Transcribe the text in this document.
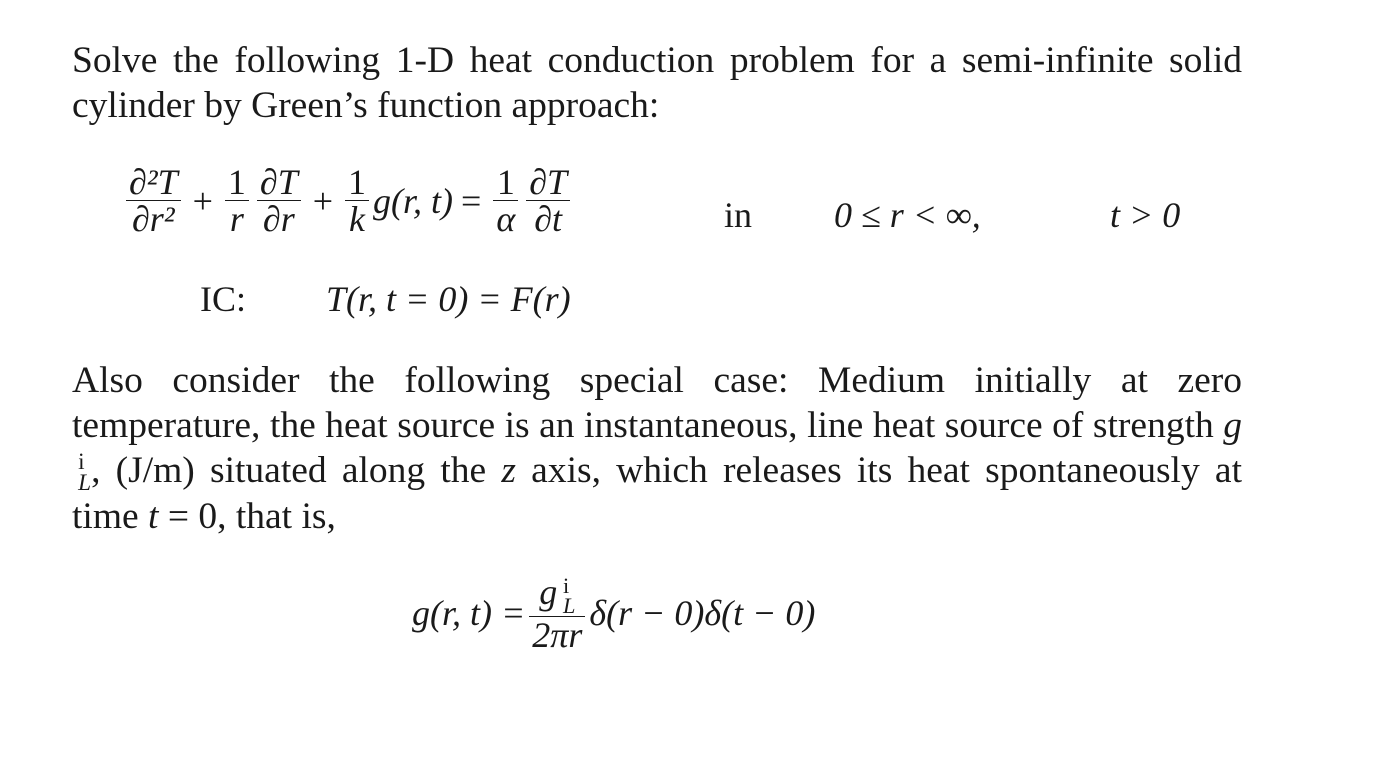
Solve the following 1-D heat conduction problem for a semi-infinite solid cylinder by Green’s function approach:

$\frac{\text{∂²T}}{\text{∂r²}} + \frac{1}{r} \frac{\partial T}{\partial r} + \frac{1}{k} g(r$, $t) = \frac{1}{\alpha} \frac{\partial T}{\partial t}$	in 0 ≤ r < ∞,	t > 0
IC: T(r, t = 0) = F(r)

Also consider the following special case: Medium initially at zero temperature, the heat source is an instantaneous, line heat source of strength g
i
L , (J/m) situated along the z axis, which releases its heat spontaneously at time t = 0, that is,

g(r, t) = g i
L
2πr δ(r − 0)δ(t − 0)
